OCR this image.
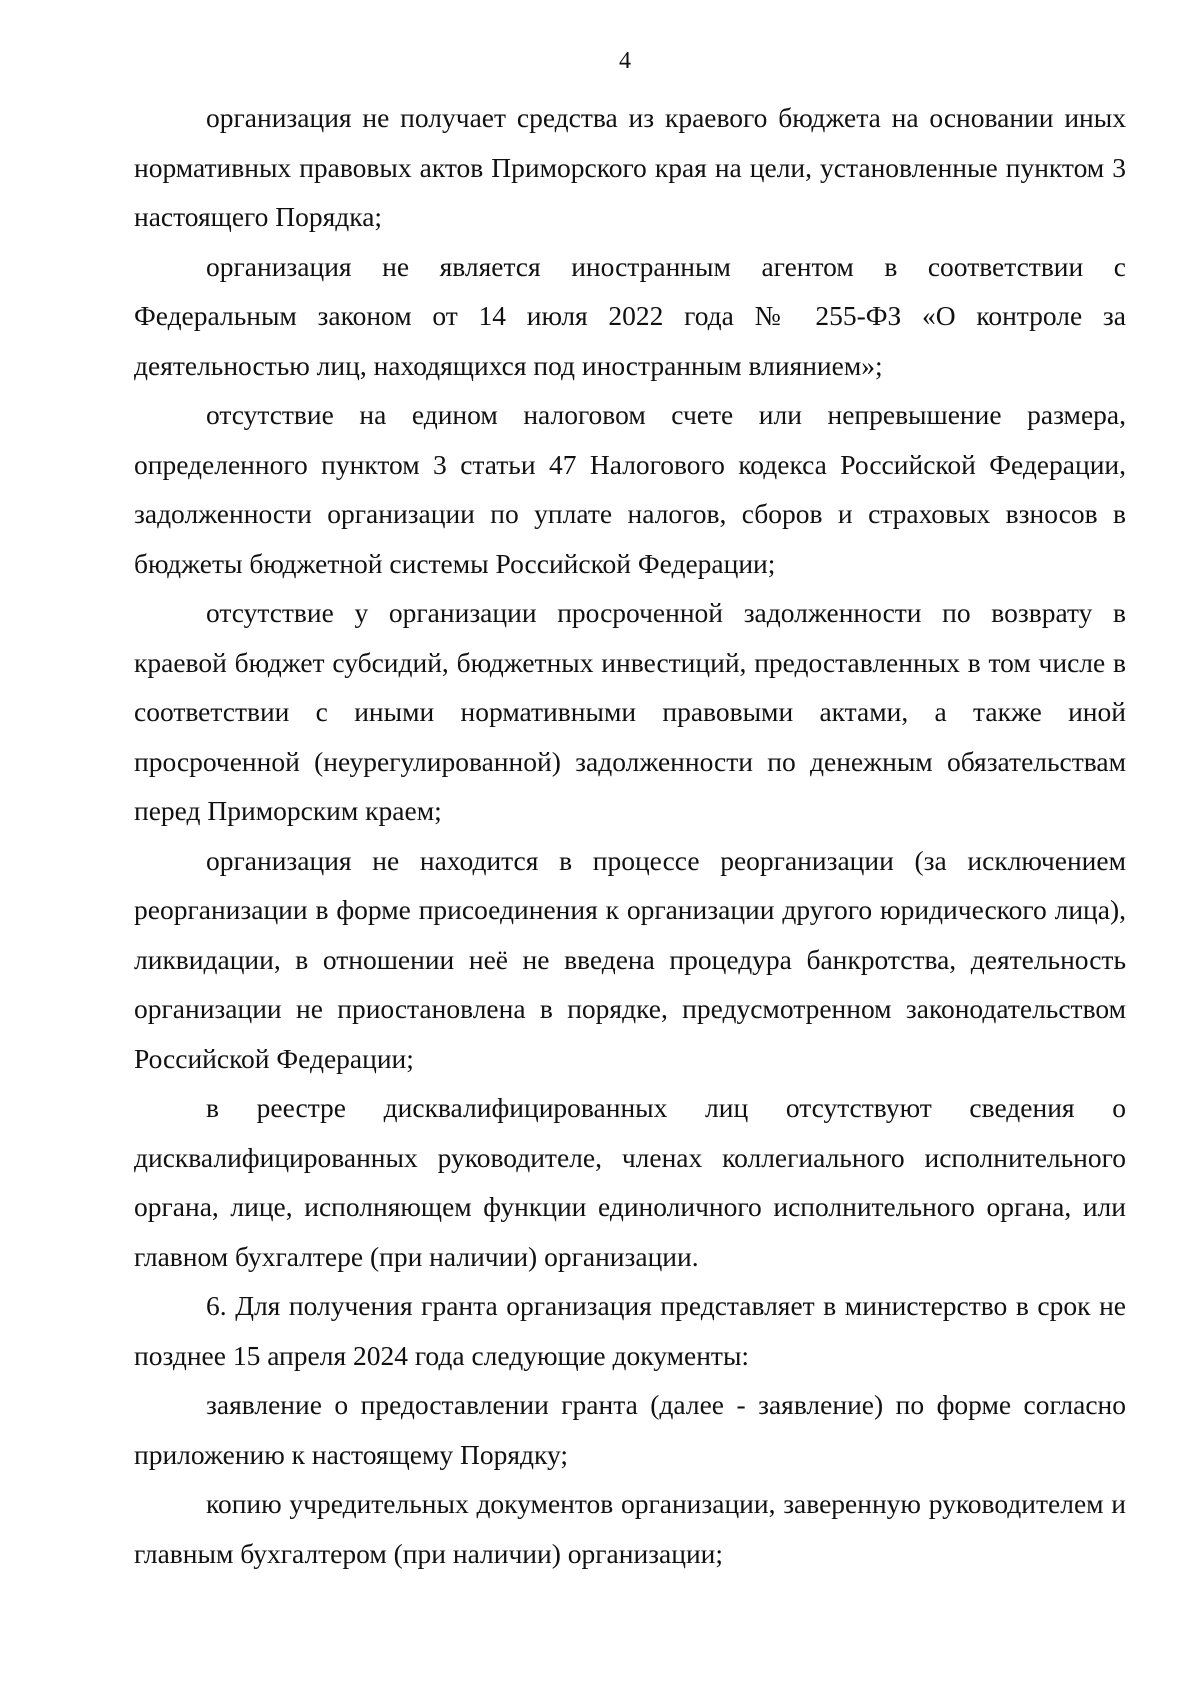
4

организация не получает средства из краевого бюджета на основании иных нормативных правовых актов Приморского края на цели, установленные пунктом 3 настоящего Порядка;

организация не является иностранным агентом в соответствии с Федеральным законом от 14 июля 2022 года № 255-ФЗ «О контроле за деятельностью лиц, находящихся под иностранным влиянием»;

отсутствие на едином налоговом счете или непревышение размера, определенного пунктом 3 статьи 47 Налогового кодекса Российской Федерации, задолженности организации по уплате налогов, сборов и страховых взносов в бюджеты бюджетной системы Российской Федерации;

отсутствие у организации просроченной задолженности по возврату в краевой бюджет субсидий, бюджетных инвестиций, предоставленных в том числе в соответствии с иными нормативными правовыми актами, а также иной просроченной (неурегулированной) задолженности по денежным обязательствам перед Приморским краем;

организация не находится в процессе реорганизации (за исключением реорганизации в форме присоединения к организации другого юридического лица), ликвидации, в отношении неё не введена процедура банкротства, деятельность организации не приостановлена в порядке, предусмотренном законодательством Российской Федерации;

в реестре дисквалифицированных лиц отсутствуют сведения о дисквалифицированных руководителе, членах коллегиального исполнительного органа, лице, исполняющем функции единоличного исполнительного органа, или главном бухгалтере (при наличии) организации.

6. Для получения гранта организация представляет в министерство в срок не позднее 15 апреля 2024 года следующие документы:

заявление о предоставлении гранта (далее - заявление) по форме согласно приложению к настоящему Порядку;

копию учредительных документов организации, заверенную руководителем и главным бухгалтером (при наличии) организации;
